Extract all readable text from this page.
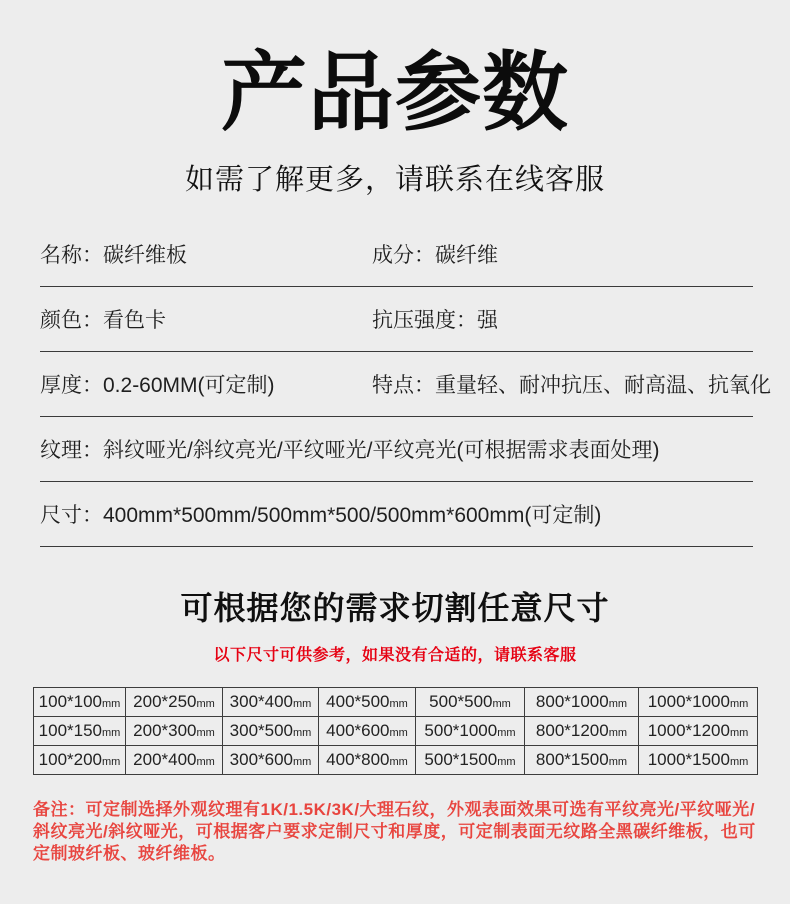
产品参数

如需了解更多，请联系在线客服

名称：碳纤维板	成分：碳纤维
颜色：看色卡	抗压强度：强
厚度：0.2-60MM(可定制)	特点：重量轻、耐冲抗压、耐高温、抗氧化
纹理：斜纹哑光/斜纹亮光/平纹哑光/平纹亮光(可根据需求表面处理)
尺寸：400mm*500mm/500mm*500/500mm*600mm(可定制)
可根据您的需求切割任意尺寸

以下尺寸可供参考，如果没有合适的，请联系客服

100*100mm	200*250mm	300*400mm	400*500mm	500*500mm	800*1000mm	1000*1000mm
100*150mm	200*300mm	300*500mm	400*600mm	500*1000mm	800*1200mm	1000*1200mm
100*200mm	200*400mm	300*600mm	400*800mm	500*1500mm	800*1500mm	1000*1500mm

备注：可定制选择外观纹理有1K/1.5K/3K/大理石纹，外观表面效果可选有平纹亮光/平纹哑光/斜纹亮光/斜纹哑光，可根据客户要求定制尺寸和厚度，可定制表面无纹路全黑碳纤维板，也可定制玻纤板、玻纤维板。
